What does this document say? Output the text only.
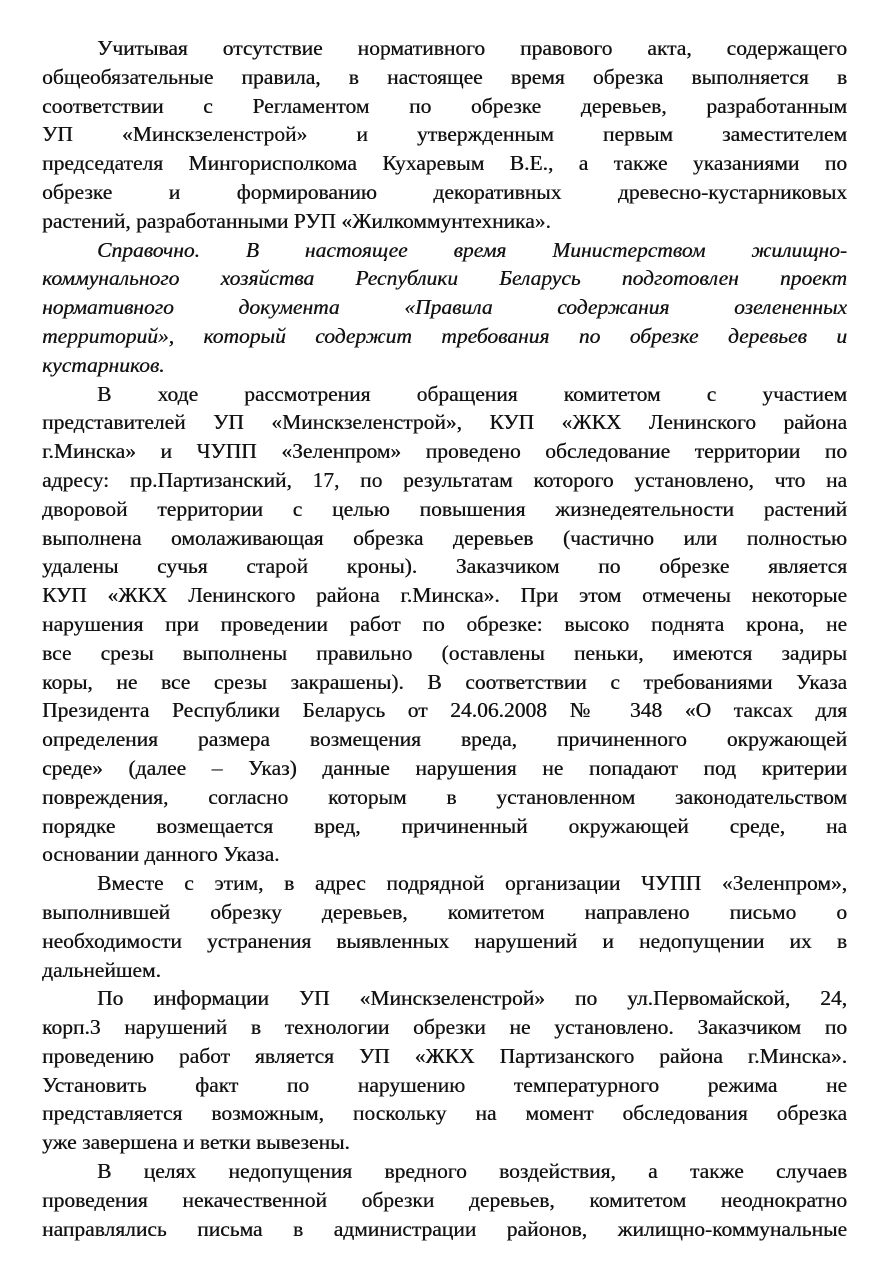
Учитывая отсутствие нормативного правового акта, содержащего
общеобязательные правила, в настоящее время обрезка выполняется в
соответствии с Регламентом по обрезке деревьев, разработанным
УП «Минскзеленстрой» и утвержденным первым заместителем
председателя Мингорисполкома Кухаревым В.Е., а также указаниями по
обрезке и формированию декоративных древесно-кустарниковых
растений, разработанными РУП «Жилкоммунтехника».

Справочно. В настоящее время Министерством жилищно-
коммунального хозяйства Республики Беларусь подготовлен проект
нормативного документа «Правила содержания озелененных
территорий», который содержит требования по обрезке деревьев и
кустарников.

В ходе рассмотрения обращения комитетом с участием
представителей УП «Минскзеленстрой», КУП «ЖКХ Ленинского района
г.Минска» и ЧУПП «Зеленпром» проведено обследование территории по
адресу: пр.Партизанский, 17, по результатам которого установлено, что на
дворовой территории с целью повышения жизнедеятельности растений
выполнена омолаживающая обрезка деревьев (частично или полностью
удалены сучья старой кроны). Заказчиком по обрезке является
КУП «ЖКХ Ленинского района г.Минска». При этом отмечены некоторые
нарушения при проведении работ по обрезке: высоко поднята крона, не
все срезы выполнены правильно (оставлены пеньки, имеются задиры
коры, не все срезы закрашены). В соответствии с требованиями Указа
Президента Республики Беларусь от 24.06.2008 № 348 «О таксах для
определения размера возмещения вреда, причиненного окружающей
среде» (далее – Указ) данные нарушения не попадают под критерии
повреждения, согласно которым в установленном законодательством
порядке возмещается вред, причиненный окружающей среде, на
основании данного Указа.

Вместе с этим, в адрес подрядной организации ЧУПП «Зеленпром»,
выполнившей обрезку деревьев, комитетом направлено письмо о
необходимости устранения выявленных нарушений и недопущении их в
дальнейшем.

По информации УП «Минскзеленстрой» по ул.Первомайской, 24,
корп.3 нарушений в технологии обрезки не установлено. Заказчиком по
проведению работ является УП «ЖКХ Партизанского района г.Минска».
Установить факт по нарушению температурного режима не
представляется возможным, поскольку на момент обследования обрезка
уже завершена и ветки вывезены.

В целях недопущения вредного воздействия, а также случаев
проведения некачественной обрезки деревьев, комитетом неоднократно
направлялись письма в администрации районов, жилищно-коммунальные
